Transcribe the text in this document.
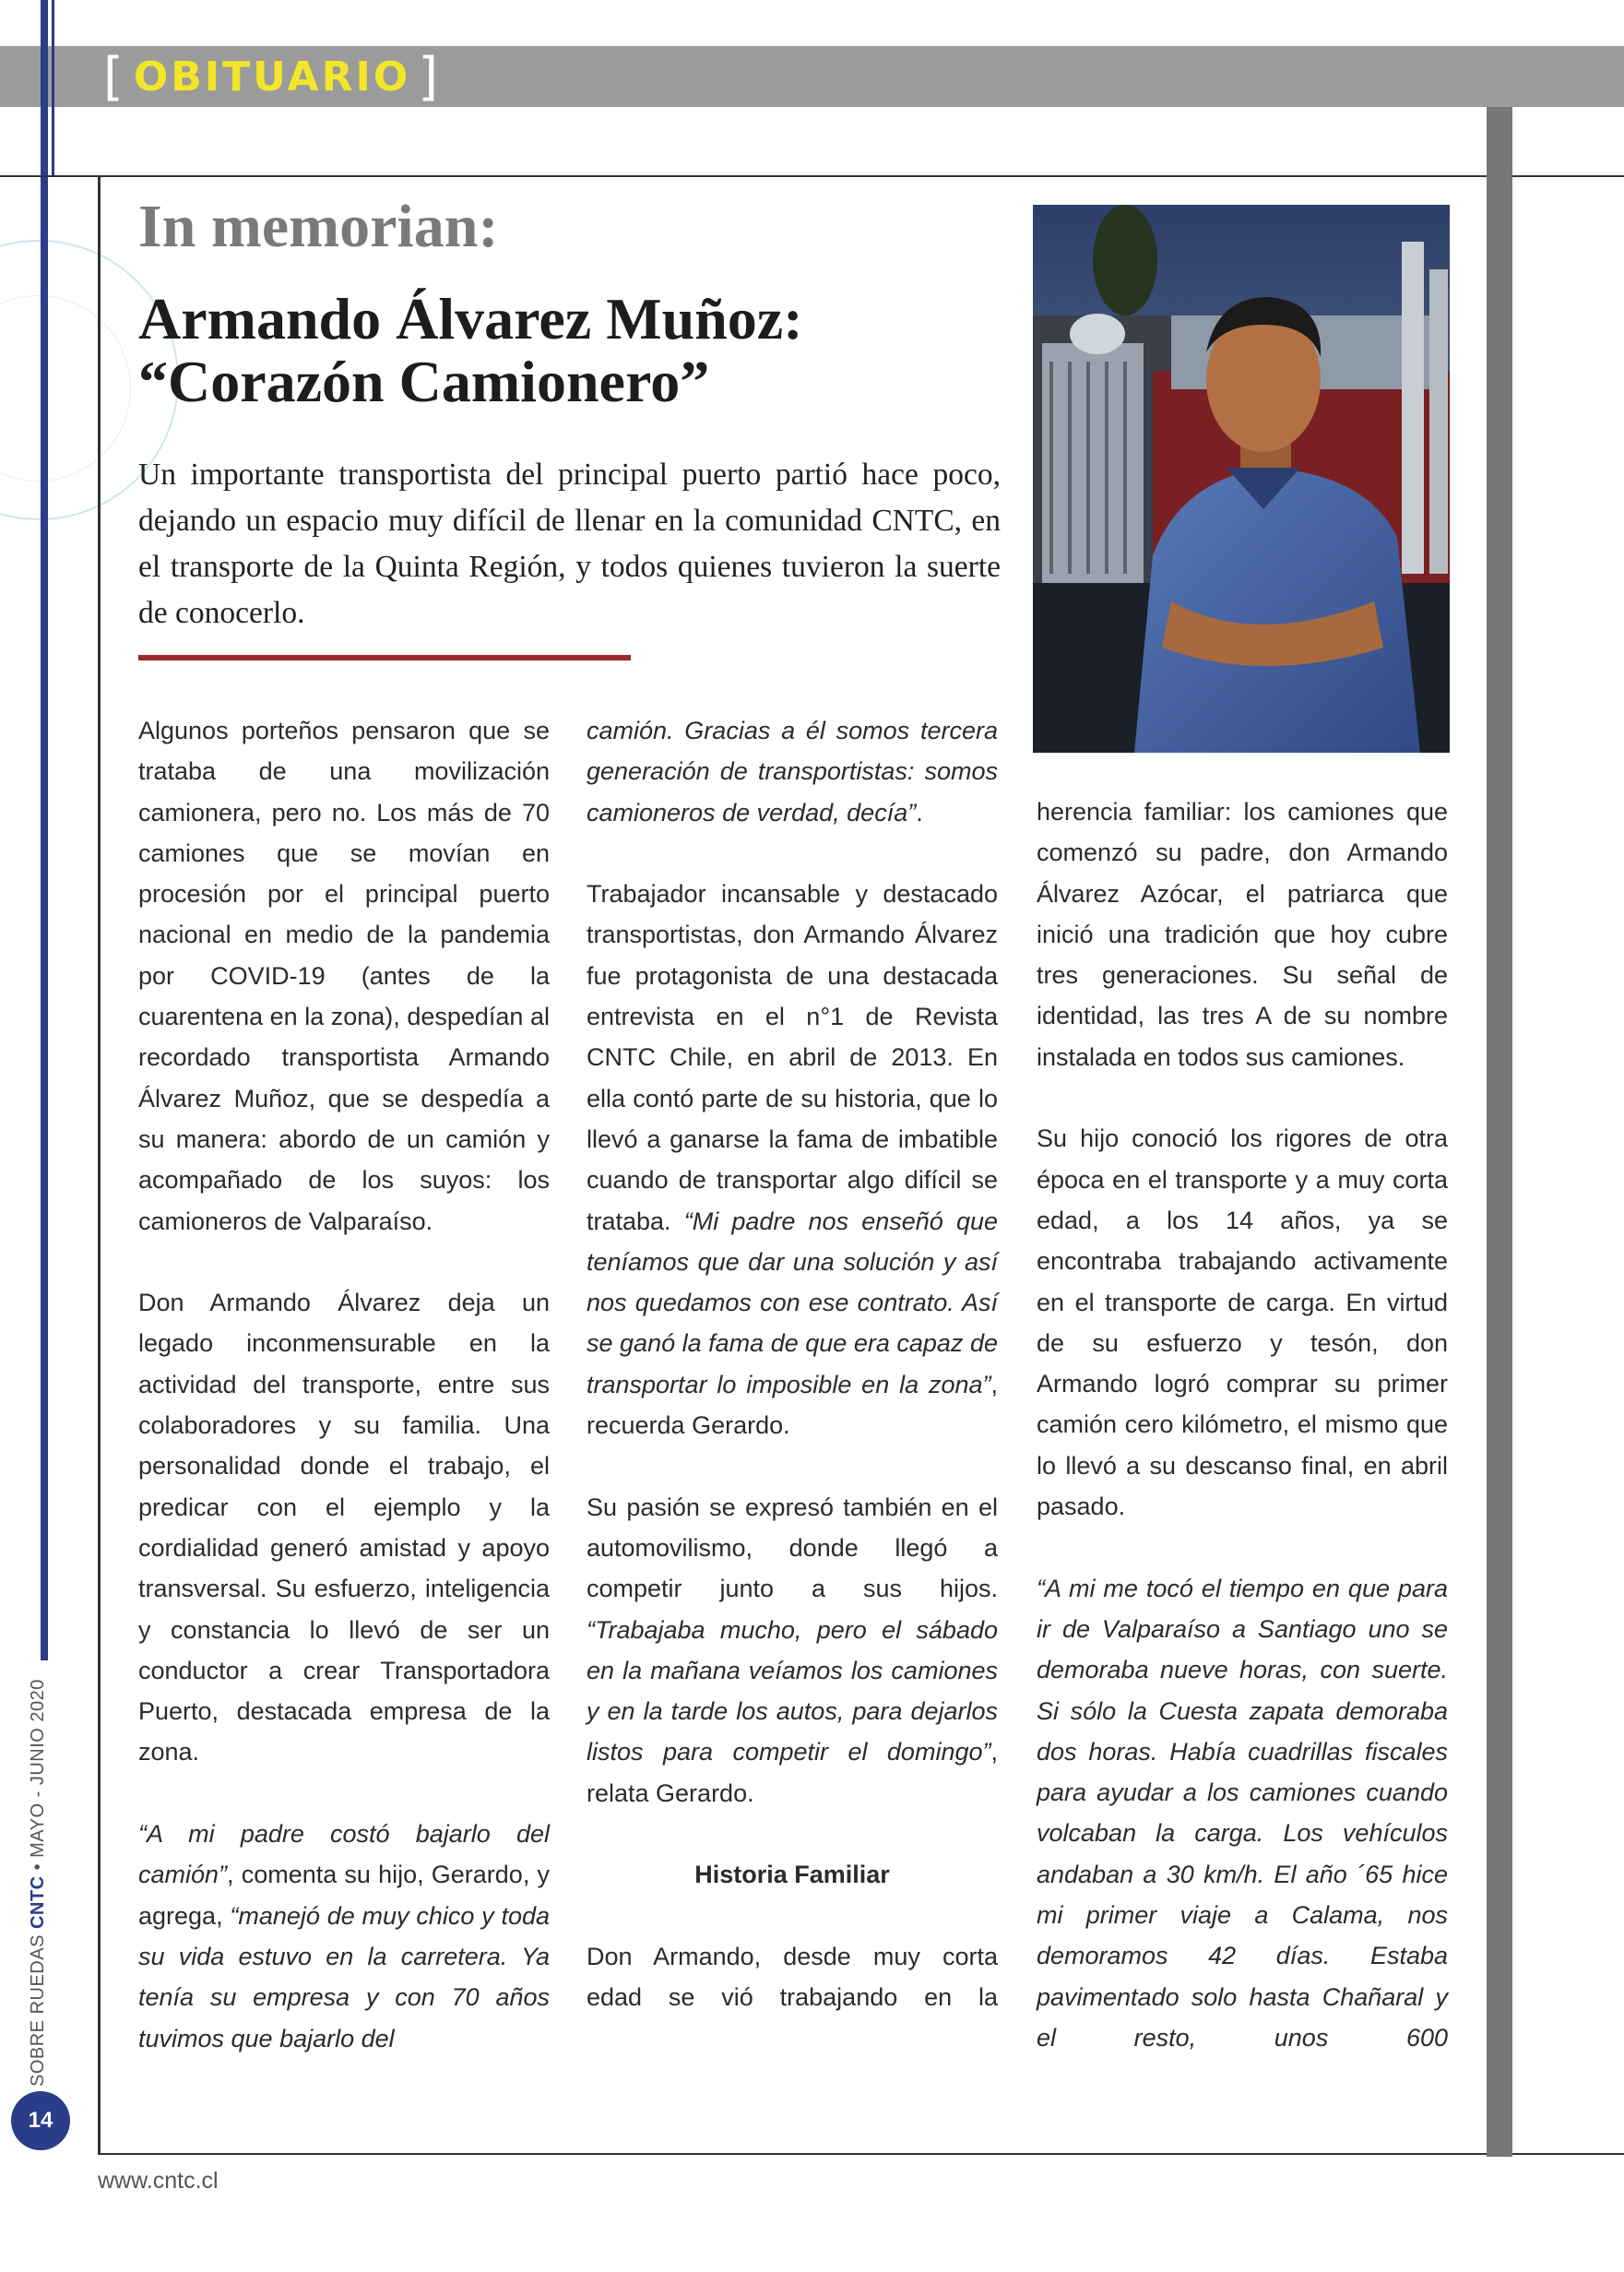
[ OBITUARIO ]
In memorian:
Armando Álvarez Muñoz:
“Corazón Camionero”
Un importante transportista del principal puerto partió hace poco, dejando un espacio muy difícil de llenar en la comunidad CNTC, en el transporte de la Quinta Región, y todos quienes tuvieron la suerte de conocerlo.

Algunos porteños pensaron que se trataba de una movilización camionera, pero no. Los más de 70 camiones que se movían en procesión por el principal puerto nacional en medio de la pandemia por COVID-19 (antes de la cuarentena en la zona), despedían al recordado transportista Armando Álvarez Muñoz, que se despedía a su manera: abordo de un camión y acompañado de los suyos: los camioneros de Valparaíso.

Don Armando Álvarez deja un legado inconmensurable en la actividad del transporte, entre sus colaboradores y su familia. Una personalidad donde el trabajo, el predicar con el ejemplo y la cordialidad generó amistad y apoyo transversal. Su esfuerzo, inteligencia y constancia lo llevó de ser un conductor a crear Transportadora Puerto, destacada empresa de la zona.

“A mi padre costó bajarlo del camión”, comenta su hijo, Gerardo, y agrega, “manejó de muy chico y toda su vida estuvo en la carretera. Ya tenía su empresa y con 70 años tuvimos que bajarlo del

camión. Gracias a él somos tercera generación de transportistas: somos camioneros de verdad, decía”.

Trabajador incansable y destacado transportistas, don Armando Álvarez fue protagonista de una destacada entrevista en el n°1 de Revista CNTC Chile, en abril de 2013. En ella contó parte de su historia, que lo llevó a ganarse la fama de imbatible cuando de transportar algo difícil se trataba. “Mi padre nos enseñó que teníamos que dar una solución y así nos quedamos con ese contrato. Así se ganó la fama de que era capaz de transportar lo imposible en la zona”, recuerda Gerardo.

Su pasión se expresó también en el automovilismo, donde llegó a competir junto a sus hijos. “Trabajaba mucho, pero el sábado en la mañana veíamos los camiones y en la tarde los autos, para dejarlos listos para competir el domingo”, relata Gerardo.

Historia Familiar

Don Armando, desde muy corta edad se vió trabajando en la

herencia familiar: los camiones que comenzó su padre, don Armando Álvarez Azócar, el patriarca que inició una tradición que hoy cubre tres generaciones. Su señal de identidad, las tres A de su nombre instalada en todos sus camiones.

Su hijo conoció los rigores de otra época en el transporte y a muy corta edad, a los 14 años, ya se encontraba trabajando activamente en el transporte de carga. En virtud de su esfuerzo y tesón, don Armando logró comprar su primer camión cero kilómetro, el mismo que lo llevó a su descanso final, en abril pasado.

“A mi me tocó el tiempo en que para ir de Valparaíso a Santiago uno se demoraba nueve horas, con suerte. Si sólo la Cuesta zapata demoraba dos horas. Había cuadrillas fiscales para ayudar a los camiones cuando volcaban la carga. Los vehículos andaban a 30 km/h. El año ´65 hice mi primer viaje a Calama, nos demoramos 42 días. Estaba pavimentado solo hasta Chañaral y el resto, unos 600

SOBRE RUEDAS CNTC • MAYO - JUNIO 2020
14
www.cntc.cl
